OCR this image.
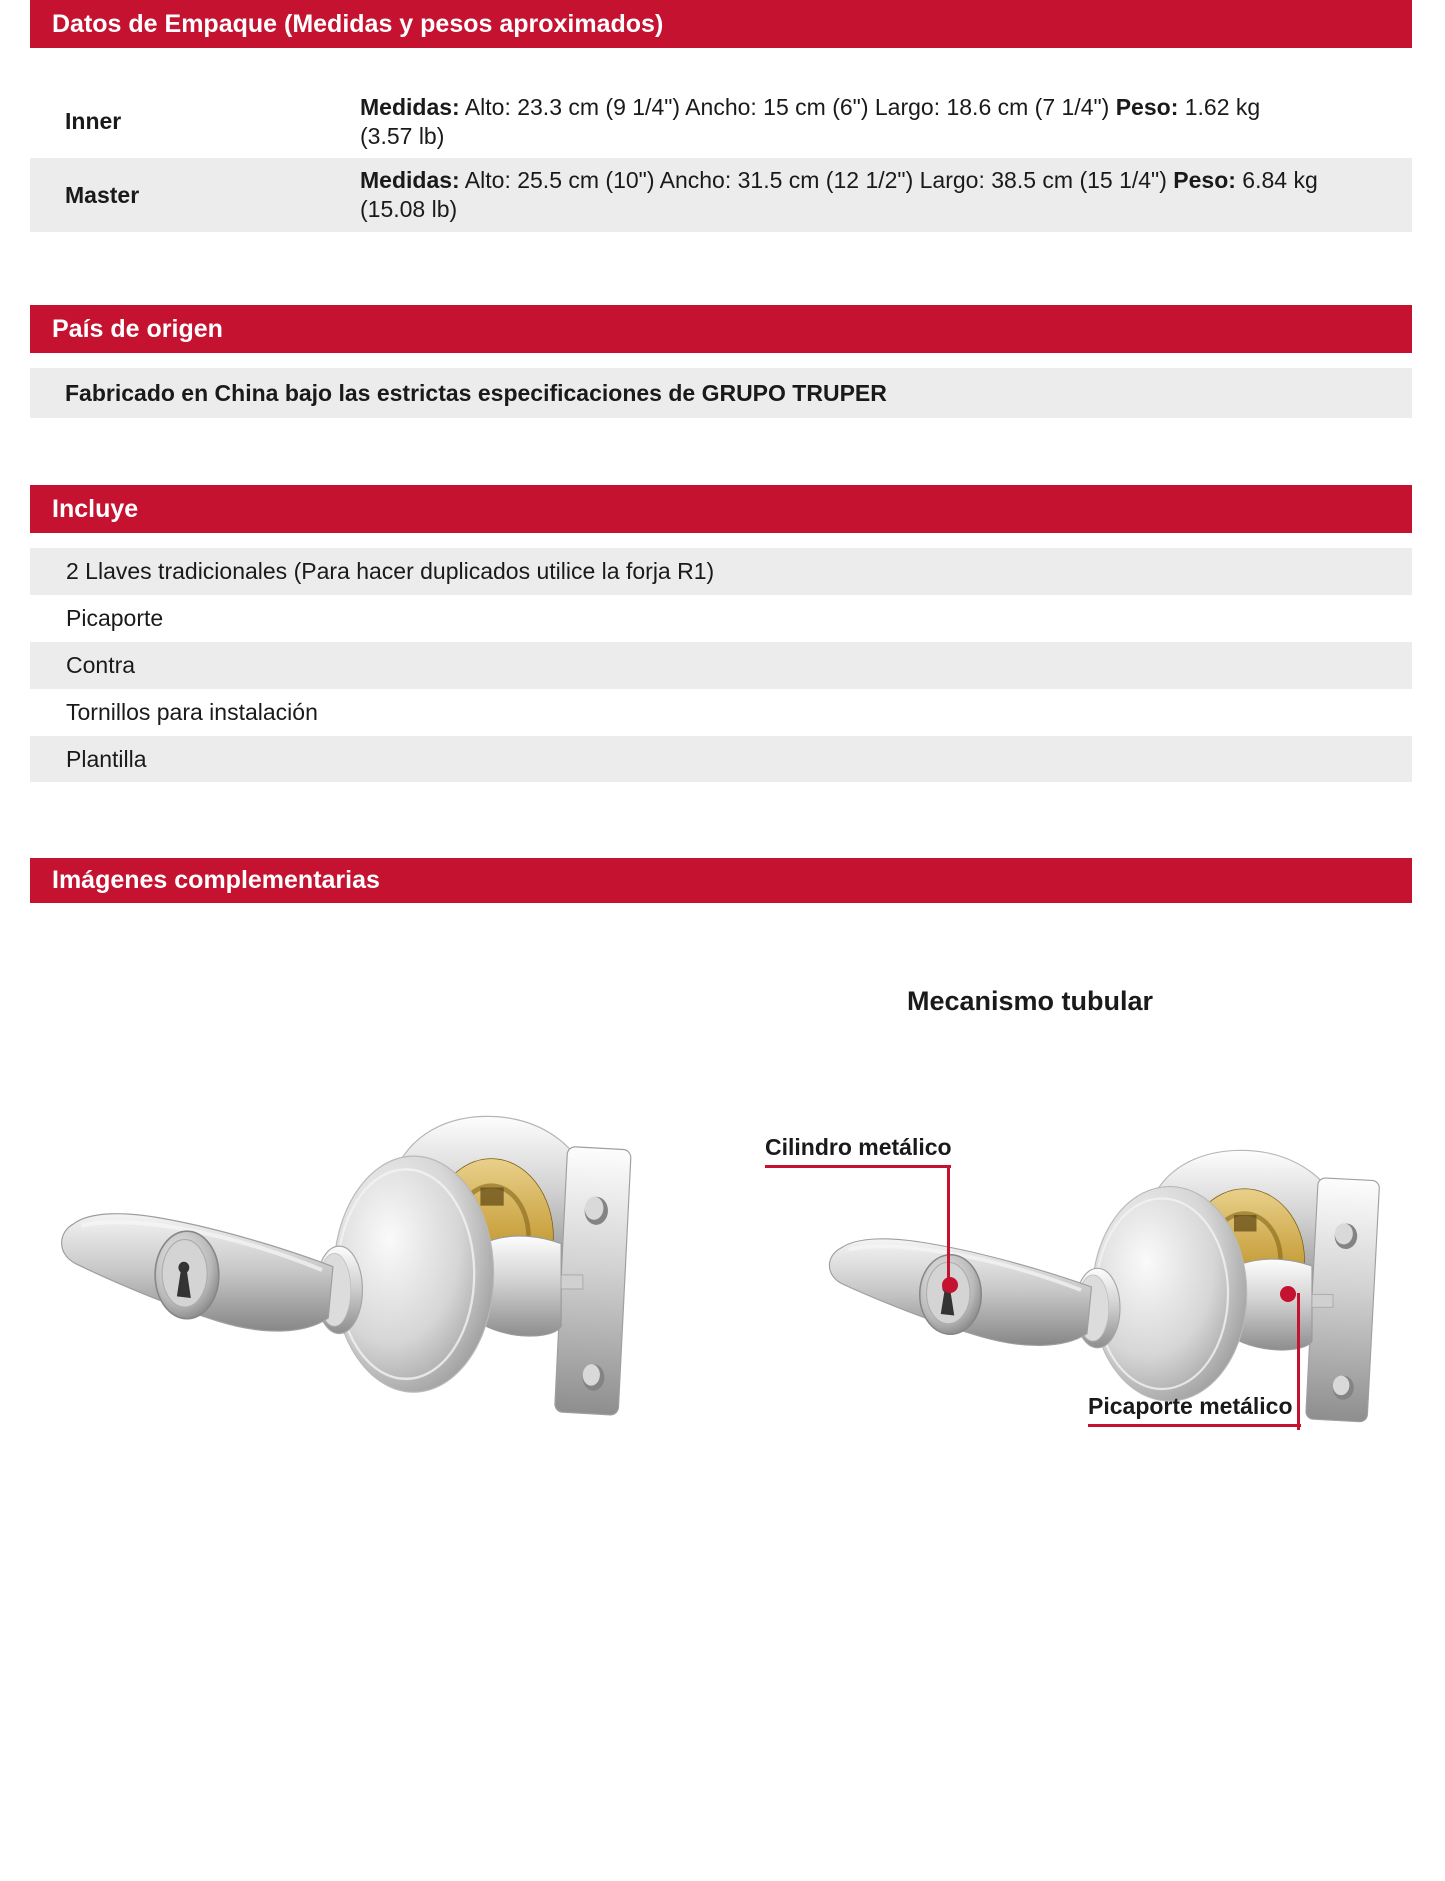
Datos de Empaque (Medidas y pesos aproximados)
Inner
Medidas: Alto: 23.3 cm (9 1/4") Ancho: 15 cm (6") Largo: 18.6 cm (7 1/4") Peso: 1.62 kg
(3.57 lb)
Master
Medidas: Alto: 25.5 cm (10") Ancho: 31.5 cm (12 1/2") Largo: 38.5 cm (15 1/4") Peso: 6.84 kg
(15.08 lb)
País de origen
Fabricado en China bajo las estrictas especificaciones de GRUPO TRUPER
Incluye
2 Llaves tradicionales (Para hacer duplicados utilice la forja R1)
Picaporte
Contra
Tornillos para instalación
Plantilla
Imágenes complementarias
Mecanismo tubular
Cilindro metálico
Picaporte metálico
